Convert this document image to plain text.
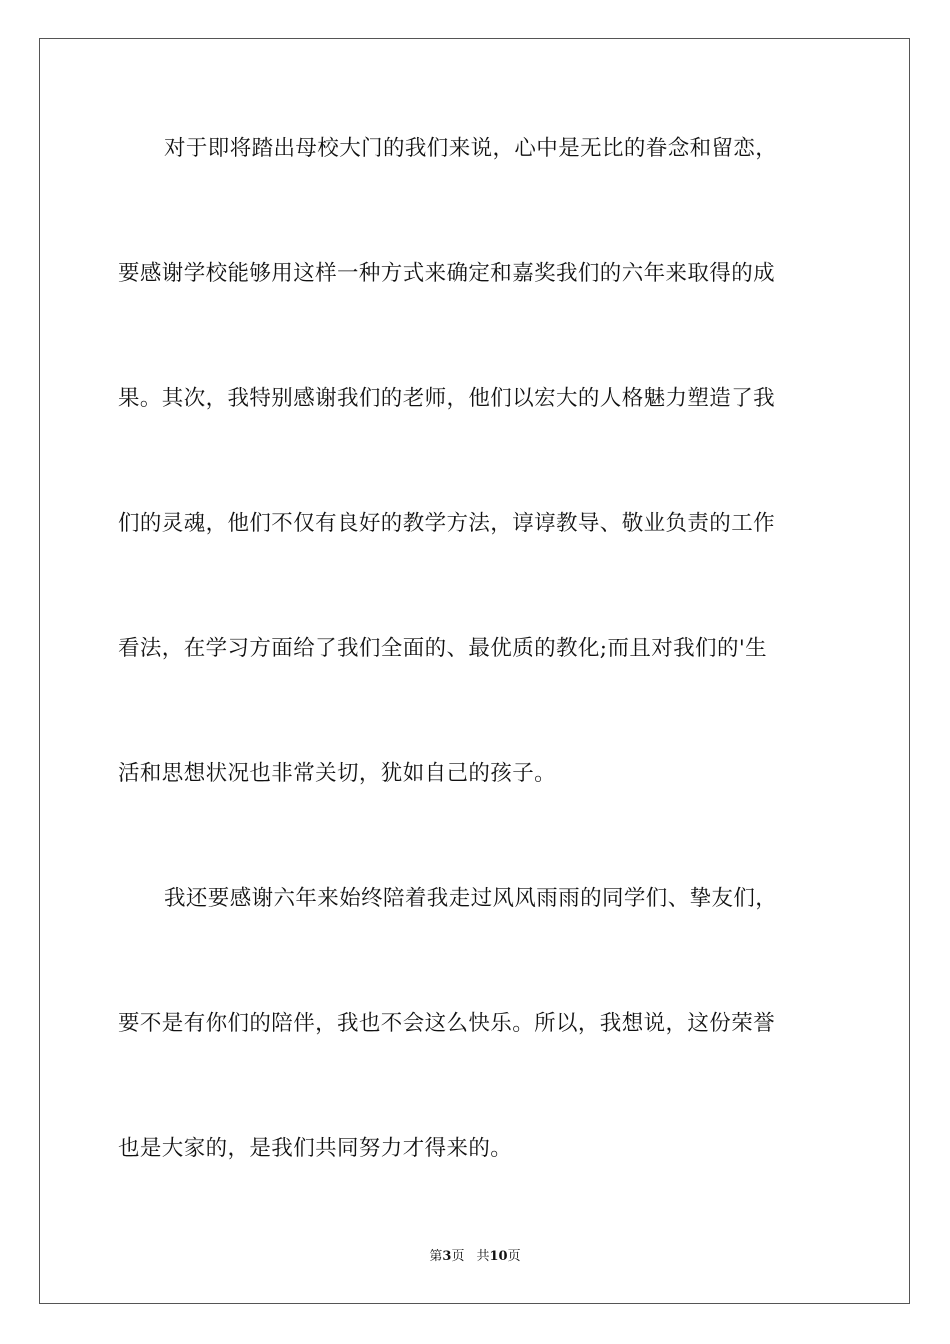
对于即将踏出母校大门的我们来说，心中是无比的眷念和留恋，
要感谢学校能够用这样一种方式来确定和嘉奖我们的六年来取得的成
果。其次，我特别感谢我们的老师，他们以宏大的人格魅力塑造了我
们的灵魂，他们不仅有良好的教学方法，谆谆教导、敬业负责的工作
看法，在学习方面给了我们全面的、最优质的教化;而且对我们的'生
活和思想状况也非常关切，犹如自己的孩子。
我还要感谢六年来始终陪着我走过风风雨雨的同学们、挚友们，
要不是有你们的陪伴，我也不会这么快乐。所以，我想说，这份荣誉
也是大家的，是我们共同努力才得来的。
第3页 共10页
